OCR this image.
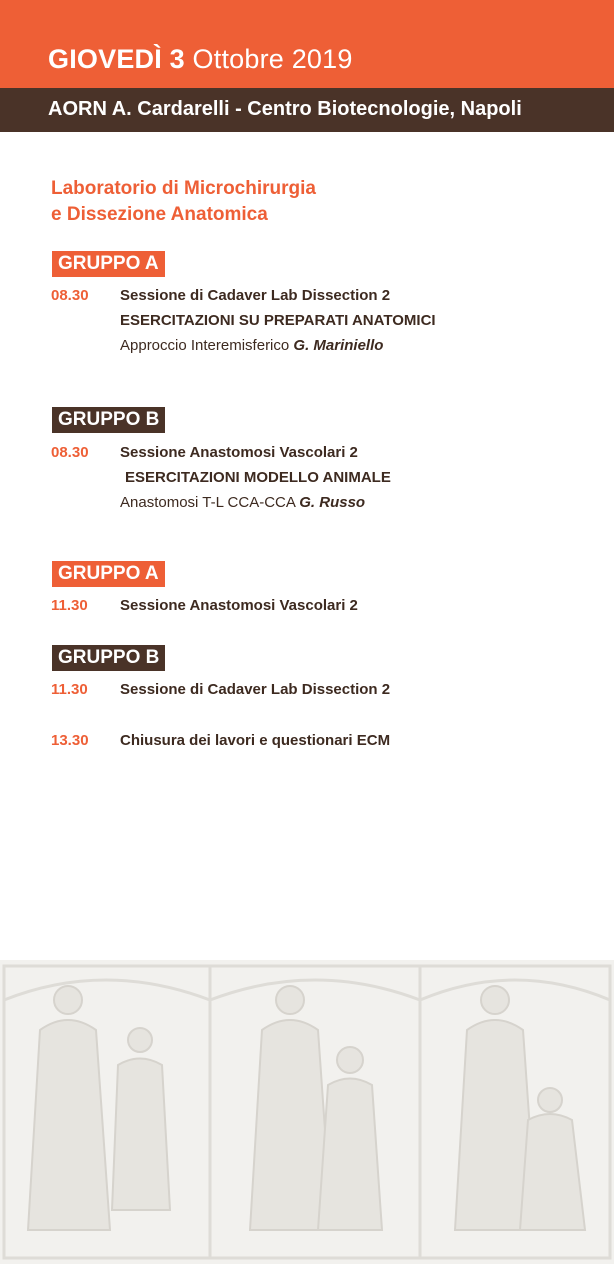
GIOVEDÌ 3 Ottobre 2019
AORN A. Cardarelli - Centro Biotecnologie, Napoli
Laboratorio di Microchirurgia
e Dissezione Anatomica
GRUPPO A
08.30 Sessione di Cadaver Lab Dissection 2
ESERCITAZIONI SU PREPARATI ANATOMICI
Approccio Interemisferico G. Mariniello
GRUPPO B
08.30 Sessione Anastomosi Vascolari 2
ESERCITAZIONI MODELLO ANIMALE
Anastomosi T-L CCA-CCA G. Russo
GRUPPO A
11.30 Sessione Anastomosi Vascolari 2
GRUPPO B
11.30 Sessione di Cadaver Lab Dissection 2
13.30 Chiusura dei lavori e questionari ECM
